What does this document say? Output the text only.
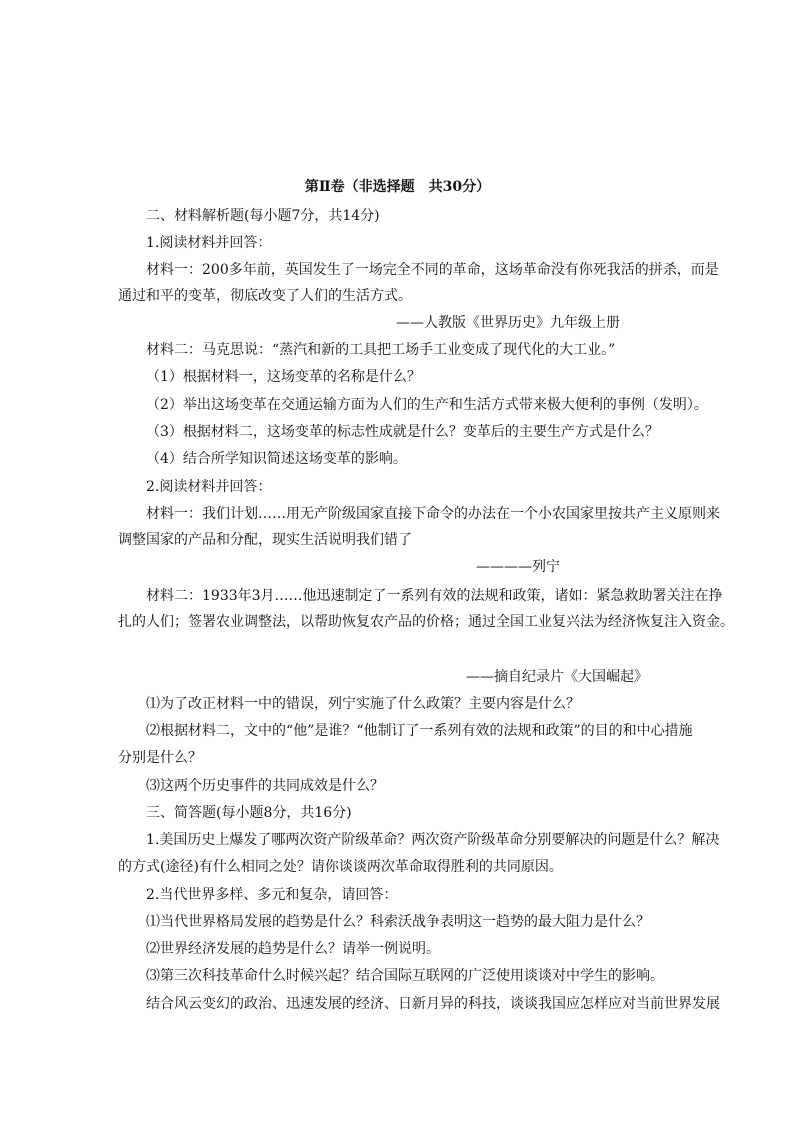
第Ⅱ卷（非选择题　共30分）
二、材料解析题(每小题7分，共14分)
1.阅读材料并回答：
材料一：200多年前，英国发生了一场完全不同的革命，这场革命没有你死我活的拼杀，而是
通过和平的变革，彻底改变了人们的生活方式。
——人教版《世界历史》九年级上册
材料二：马克思说：“蒸汽和新的工具把工场手工业变成了现代化的大工业。”
（1）根据材料一，这场变革的名称是什么？
（2）举出这场变革在交通运输方面为人们的生产和生活方式带来极大便利的事例（发明）。
（3）根据材料二，这场变革的标志性成就是什么？变革后的主要生产方式是什么？
（4）结合所学知识简述这场变革的影响。
2.阅读材料并回答：
材料一：我们计划……用无产阶级国家直接下命令的办法在一个小农国家里按共产主义原则来
调整国家的产品和分配，现实生活说明我们错了
————列宁
材料二：1933年3月……他迅速制定了一系列有效的法规和政策，诸如：紧急救助署关注在挣
扎的人们；签署农业调整法，以帮助恢复农产品的价格；通过全国工业复兴法为经济恢复注入资金。
——摘自纪录片《大国崛起》
⑴为了改正材料一中的错误，列宁实施了什么政策？主要内容是什么？
⑵根据材料二，文中的“他”是谁？“他制订了一系列有效的法规和政策”的目的和中心措施
分别是什么？
⑶这两个历史事件的共同成效是什么？
三、简答题(每小题8分，共16分)
1.美国历史上爆发了哪两次资产阶级革命？两次资产阶级革命分别要解决的问题是什么？解决
的方式(途径)有什么相同之处？请你谈谈两次革命取得胜利的共同原因。
2.当代世界多样、多元和复杂，请回答：
⑴当代世界格局发展的趋势是什么？科索沃战争表明这一趋势的最大阻力是什么？
⑵世界经济发展的趋势是什么？请举一例说明。
⑶第三次科技革命什么时候兴起？结合国际互联网的广泛使用谈谈对中学生的影响。
结合风云变幻的政治、迅速发展的经济、日新月异的科技，谈谈我国应怎样应对当前世界发展
